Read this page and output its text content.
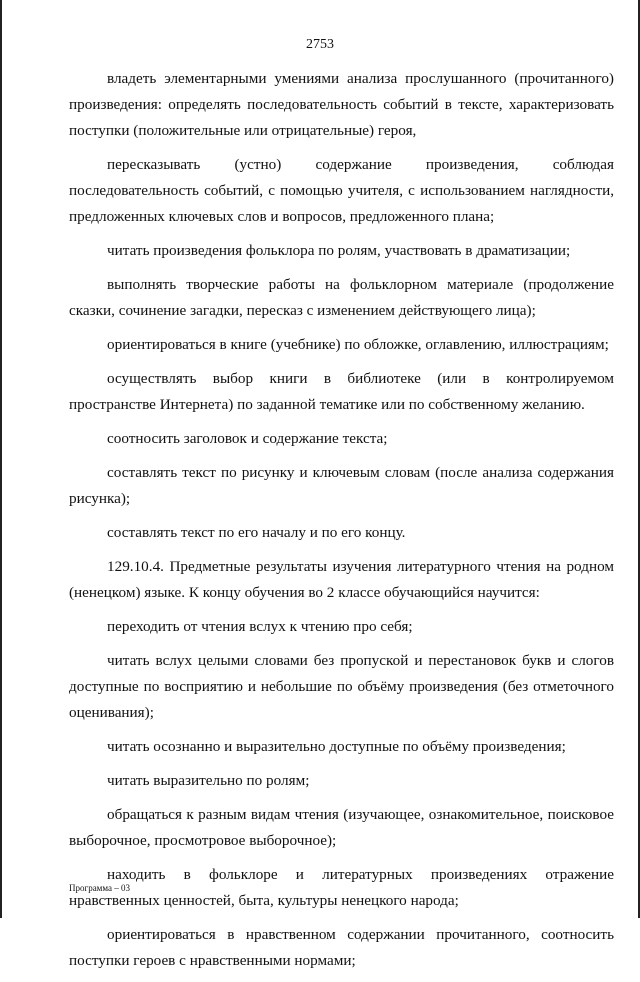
2753

владеть элементарными умениями анализа прослушанного (прочитанного) произведения: определять последовательность событий в тексте, характеризовать поступки (положительные или отрицательные) героя,

пересказывать (устно) содержание произведения, соблюдая последовательность событий, с помощью учителя, с использованием наглядности, предложенных ключевых слов и вопросов, предложенного плана;

читать произведения фольклора по ролям, участвовать в драматизации;

выполнять творческие работы на фольклорном материале (продолжение сказки, сочинение загадки, пересказ с изменением действующего лица);

ориентироваться в книге (учебнике) по обложке, оглавлению, иллюстрациям;

осуществлять выбор книги в библиотеке (или в контролируемом пространстве Интернета) по заданной тематике или по собственному желанию.

соотносить заголовок и содержание текста;

составлять текст по рисунку и ключевым словам (после анализа содержания рисунка);

составлять текст по его началу и по его концу.

129.10.4. Предметные результаты изучения литературного чтения на родном (ненецком) языке. К концу обучения во 2 классе обучающийся научится:

переходить от чтения вслух к чтению про себя;

читать вслух целыми словами без пропуской и перестановок букв и слогов доступные по восприятию и небольшие по объёму произведения (без отметочного оценивания);

читать осознанно и выразительно доступные по объёму произведения;

читать выразительно по ролям;

обращаться к разным видам чтения (изучающее, ознакомительное, поисковое выборочное, просмотровое выборочное);

находить в фольклоре и литературных произведениях отражение нравственных ценностей, быта, культуры ненецкого народа;

ориентироваться в нравственном содержании прочитанного, соотносить поступки героев с нравственными нормами;

Программа – 03
